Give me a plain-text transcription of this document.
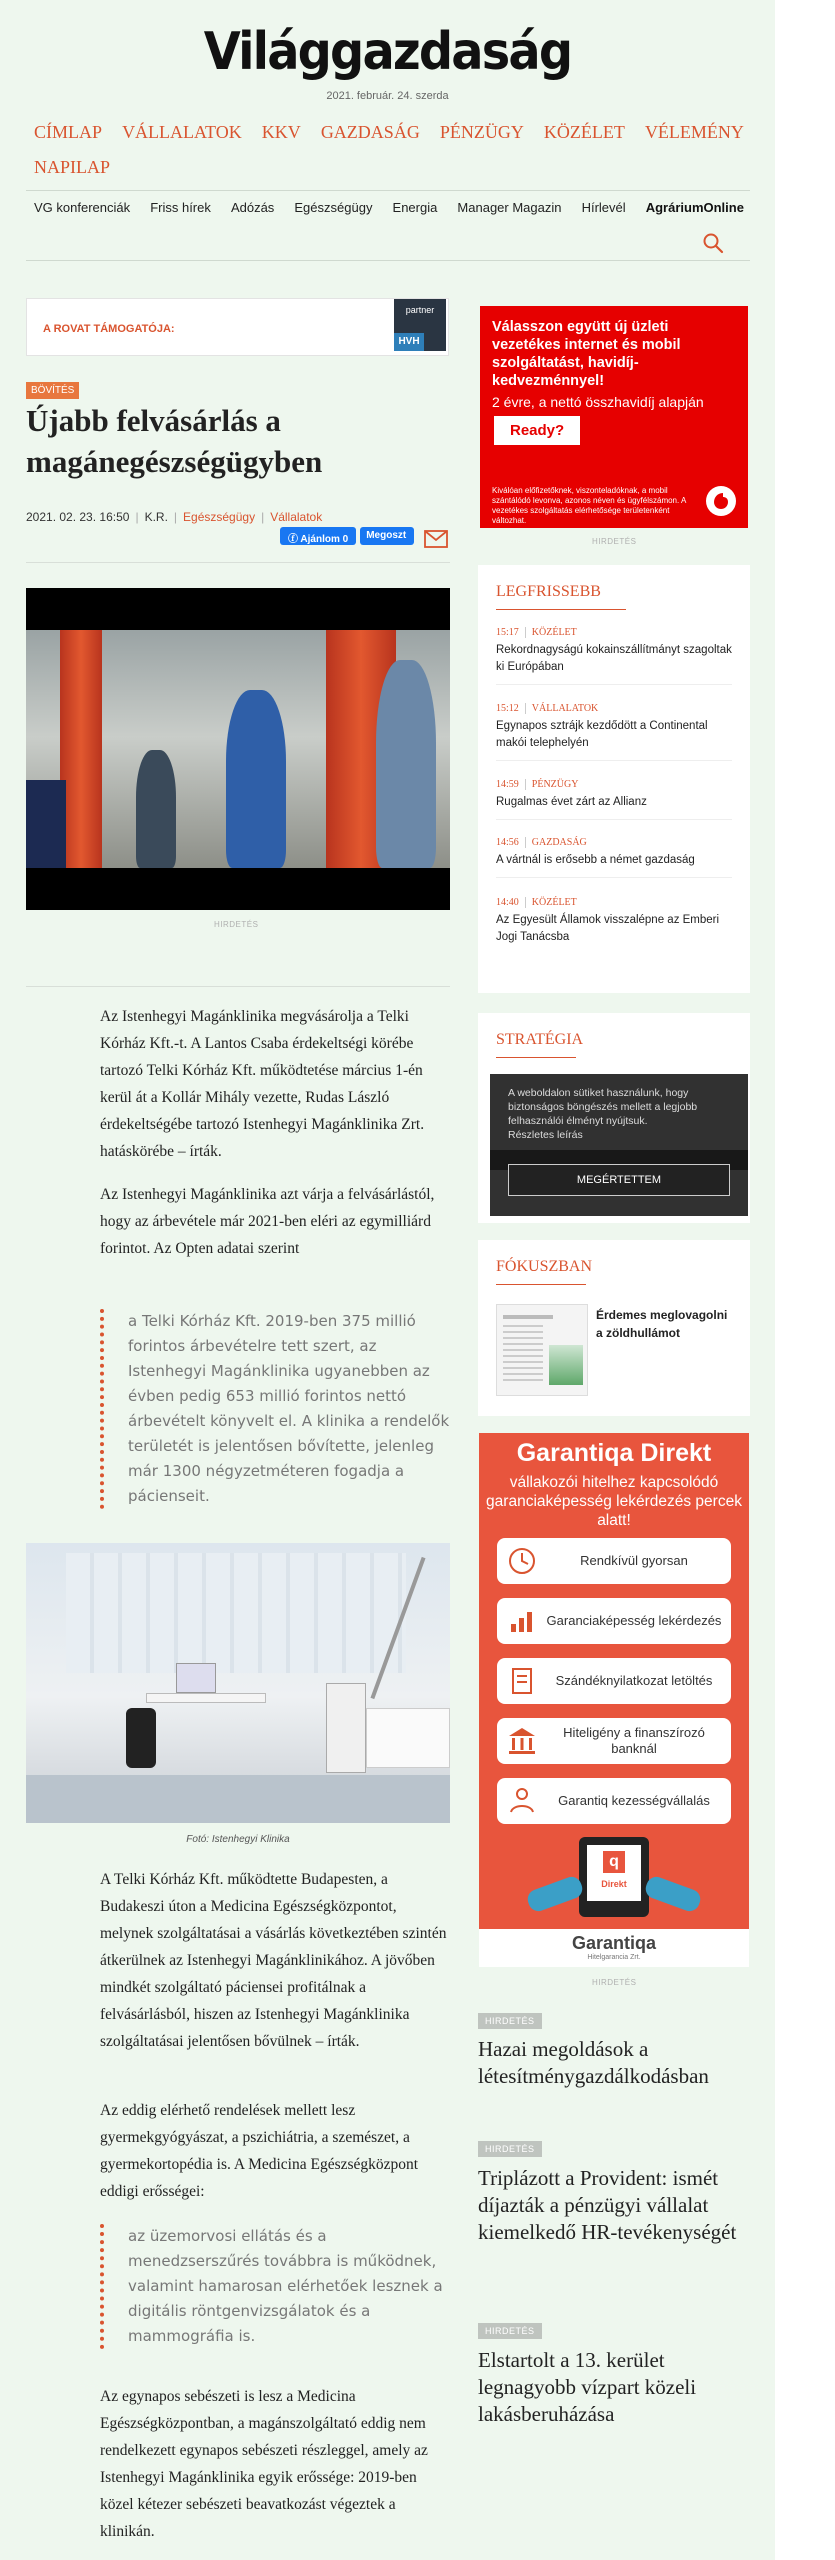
Világgazdaság
2021. február. 24. szerda
CÍMLAP VÁLLALATOK KKV GAZDASÁG PÉNZÜGY KÖZÉLET VÉLEMÉNY
NAPILAP
VG konferenciák Friss hírek Adózás Egészségügy Energia Manager Magazin Hírlevél AgráriumOnline
A ROVAT TÁMOGATÓJA:
partner
HVH
BÖVÍTÉS
Újabb felvásárlás a magánegészségügyben
2021. 02. 23. 16:50 | K.R. | Egészségügy | Vállalatok
ⓕ Ajánlom 0	Megoszt
HIRDETÉS

Az Istenhegyi Magánklinika megvásárolja a Telki Kórház Kft.-t. A Lantos Csaba érdekeltségi körébe tartozó Telki Kórház Kft. működtetése március 1-én kerül át a Kollár Mihály vezette, Rudas László érdekeltségébe tartozó Istenhegyi Magánklinika Zrt. hatáskörébe – írták.

Az Istenhegyi Magánklinika azt várja a felvásárlástól, hogy az árbevétele már 2021-ben eléri az egymilliárd forintot. Az Opten adatai szerint

a Telki Kórház Kft. 2019-ben 375 millió forintos árbevételre tett szert, az Istenhegyi Magánklinika ugyanebben az évben pedig 653 millió forintos nettó árbevételt könyvelt el. A klinika a rendelők területét is jelentősen bővítette, jelenleg már 1300 négyzetméteren fogadja a pácienseit.
Fotó: Istenhegyi Klinika

A Telki Kórház Kft. működtette Budapesten, a Budakeszi úton a Medicina Egészségközpontot, melynek szolgáltatásai a vásárlás következtében szintén átkerülnek az Istenhegyi Magánklinikához. A jövőben mindkét szolgáltató páciensei profitálnak a felvásárlásból, hiszen az Istenhegyi Magánklinika szolgáltatásai jelentősen bővülnek – írták.

Az eddig elérhető rendelések mellett lesz gyermekgyógyászat, a pszichiátria, a szemészet, a gyermekortopédia is. A Medicina Egészségközpont eddigi erősségei:

az üzemorvosi ellátás és a menedzserszűrés továbbra is működnek, valamint hamarosan elérhetőek lesznek a digitális röntgenvizsgálatok és a mammográfia is.

Az egynapos sebészeti is lesz a Medicina Egészségközpontban, a magánszolgáltató eddig nem rendelkezett egynapos sebészeti részleggel, amely az Istenhegyi Magánklinika egyik erőssége: 2019-ben közel kétezer sebészeti beavatkozást végeztek a klinikán.

Válasszon együtt új üzleti vezetékes internet és mobil szolgáltatást, havidíj-kedvezménnyel!
2 évre, a nettó összhavidíj alapján
Ready?
Kiválóan előfizetőknek, viszonteladóknak, a mobil szántálódó levonva, azonos néven és ügyfélszámon. A vezetékes szolgáltatás elérhetősége területenként változhat.
HIRDETÉS
LEGFRISSEBB
15:17 KÖZÉLET
Rekordnagyságú kokainszállítmányt szagoltak ki Európában
15:12 VÁLLALATOK
Egynapos sztrájk kezdődött a Continental makói telephelyén
14:59 PÉNZÜGY
Rugalmas évet zárt az Allianz
14:56 GAZDASÁG
A vártnál is erősebb a német gazdaság
14:40 KÖZÉLET
Az Egyesült Államok visszalépne az Emberi Jogi Tanácsba
STRATÉGIA
A weboldalon sütiket használunk, hogy biztonságos böngészés mellett a legjobb felhasználói élményt nyújtsuk.
Részletes leírás
MEGÉRTETTEM
FÓKUSZBAN
Érdemes meglovagolni a zöldhullámot
Garantiqa Direkt
vállakozói hitelhez kapcsolódó garanciaképesség lekérdezés percek alatt!
Rendkívül gyorsan
Garanciaképesség lekérdezés
Szándéknyilatkozat letöltés
Hiteligény a finanszírozó banknál
Garantiq kezességvállalás
q
Direkt
Garantiqa
Hitelgarancia Zrt.
HIRDETÉS
HIRDETÉS
Hazai megoldások a létesítménygazdálkodásban
HIRDETÉS
Triplázott a Provident: ismét díjazták a pénzügyi vállalat kiemelkedő HR-tevékenységét
HIRDETÉS
Elstartolt a 13. kerület legnagyobb vízpart közeli lakásberuházása
